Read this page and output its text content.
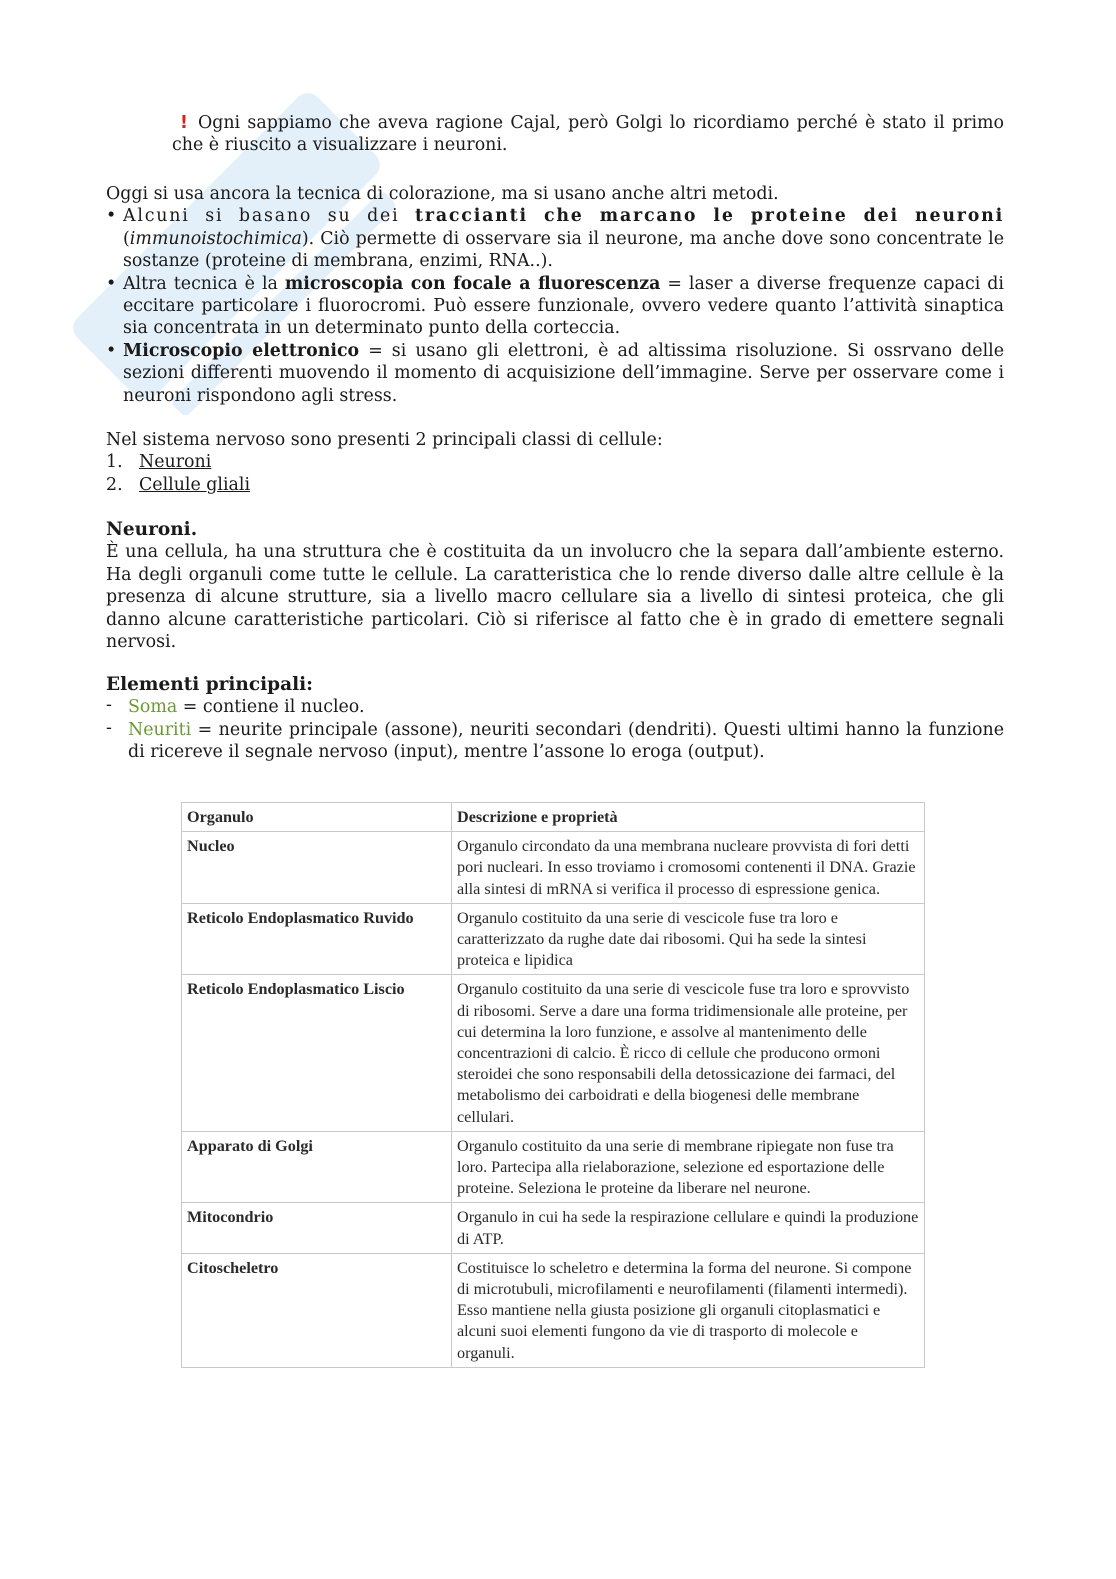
! Ogni sappiamo che aveva ragione Cajal, però Golgi lo ricordiamo perché è stato il primo che è riuscito a visualizzare i neuroni.

Oggi si usa ancora la tecnica di colorazione, ma si usano anche altri metodi.

• Alcuni si basano su dei traccianti che marcano le proteine dei neuroni (immunoistochimica). Ciò permette di osservare sia il neurone, ma anche dove sono concentrate le sostanze (proteine di membrana, enzimi, RNA..).
• Altra tecnica è la microscopia con focale a fluorescenza = laser a diverse frequenze capaci di eccitare particolare i fluorocromi. Può essere funzionale, ovvero vedere quanto l’attività sinaptica sia concentrata in un determinato punto della corteccia.
• Microscopio elettronico = si usano gli elettroni, è ad altissima risoluzione. Si ossrvano delle sezioni differenti muovendo il momento di acquisizione dell’immagine. Serve per osservare come i neuroni rispondono agli stress.

Nel sistema nervoso sono presenti 2 principali classi di cellule:

1. Neuroni
2. Cellule gliali
Neuroni.

È una cellula, ha una struttura che è costituita da un involucro che la separa dall’ambiente esterno. Ha degli organuli come tutte le cellule. La caratteristica che lo rende diverso dalle altre cellule è la presenza di alcune strutture, sia a livello macro cellulare sia a livello di sintesi proteica, che gli danno alcune caratteristiche particolari. Ciò si riferisce al fatto che è in grado di emettere segnali nervosi.

Elementi principali:
- Soma = contiene il nucleo.
- Neuriti = neurite principale (assone), neuriti secondari (dendriti). Questi ultimi hanno la funzione di ricereve il segnale nervoso (input), mentre l’assone lo eroga (output).
Organulo	Descrizione e proprietà
Nucleo	Organulo circondato da una membrana nucleare provvista di fori detti pori nucleari. In esso troviamo i cromosomi contenenti il DNA. Grazie alla sintesi di mRNA si verifica il processo di espressione genica.
Reticolo Endoplasmatico Ruvido	Organulo costituito da una serie di vescicole fuse tra loro e caratterizzato da rughe date dai ribosomi. Qui ha sede la sintesi proteica e lipidica
Reticolo Endoplasmatico Liscio	Organulo costituito da una serie di vescicole fuse tra loro e sprovvisto di ribosomi. Serve a dare una forma tridimensionale alle proteine, per cui determina la loro funzione, e assolve al mantenimento delle concentrazioni di calcio. È ricco di cellule che producono ormoni steroidei che sono responsabili della detossicazione dei farmaci, del metabolismo dei carboidrati e della biogenesi delle membrane cellulari.
Apparato di Golgi	Organulo costituito da una serie di membrane ripiegate non fuse tra loro. Partecipa alla rielaborazione, selezione ed esportazione delle proteine. Seleziona le proteine da liberare nel neurone.
Mitocondrio	Organulo in cui ha sede la respirazione cellulare e quindi la produzione di ATP.
Citoscheletro	Costituisce lo scheletro e determina la forma del neurone. Si compone di microtubuli, microfilamenti e neurofilamenti (filamenti intermedi). Esso mantiene nella giusta posizione gli organuli citoplasmatici e alcuni suoi elementi fungono da vie di trasporto di molecole e organuli.
